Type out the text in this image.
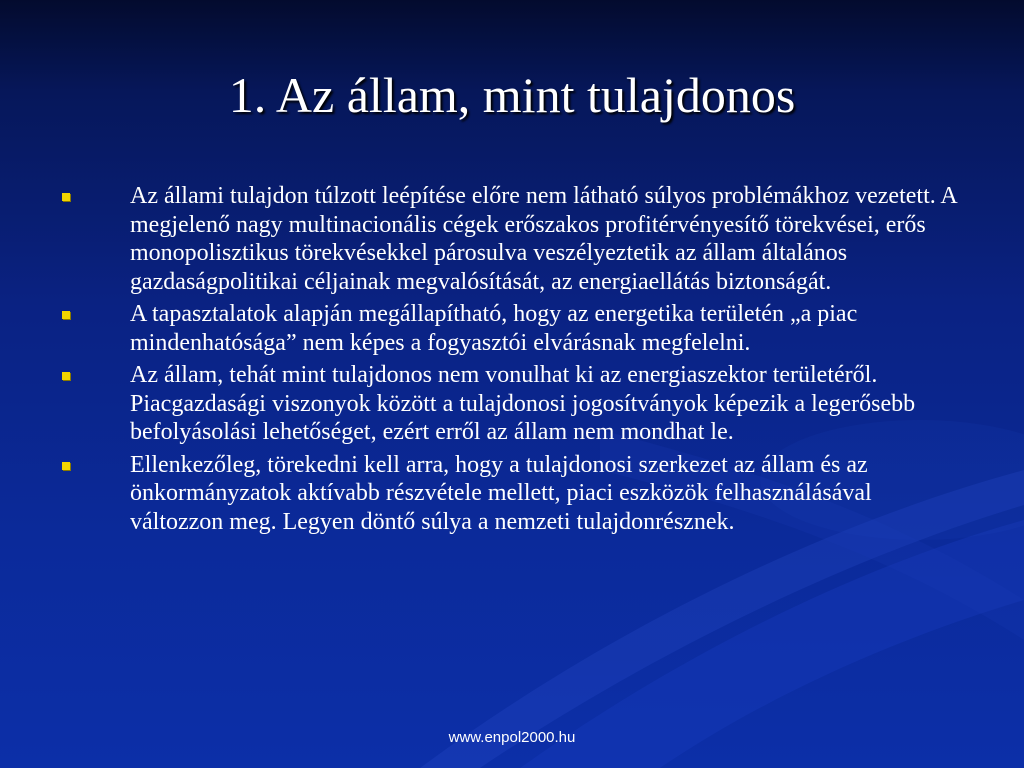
1. Az állam, mint tulajdonos
Az állami tulajdon túlzott leépítése előre nem látható súlyos problémákhoz vezetett. A megjelenő nagy multinacionális cégek erőszakos profitérvényesítő törekvései, erős monopolisztikus törekvésekkel párosulva veszélyeztetik az állam általános gazdaságpolitikai céljainak megvalósítását, az energiaellátás biztonságát.
A tapasztalatok alapján megállapítható, hogy az energetika területén „a piac mindenhatósága” nem képes a fogyasztói elvárásnak megfelelni.
Az állam, tehát mint tulajdonos nem vonulhat ki az energiaszektor területéről. Piacgazdasági viszonyok között a tulajdonosi jogosítványok képezik a legerősebb befolyásolási lehetőséget, ezért erről az állam nem mondhat le.
Ellenkezőleg, törekedni kell arra, hogy a tulajdonosi szerkezet az állam és az önkormányzatok aktívabb részvétele mellett, piaci eszközök felhasználásával változzon meg. Legyen döntő súlya a nemzeti tulajdonrésznek.
www.enpol2000.hu
